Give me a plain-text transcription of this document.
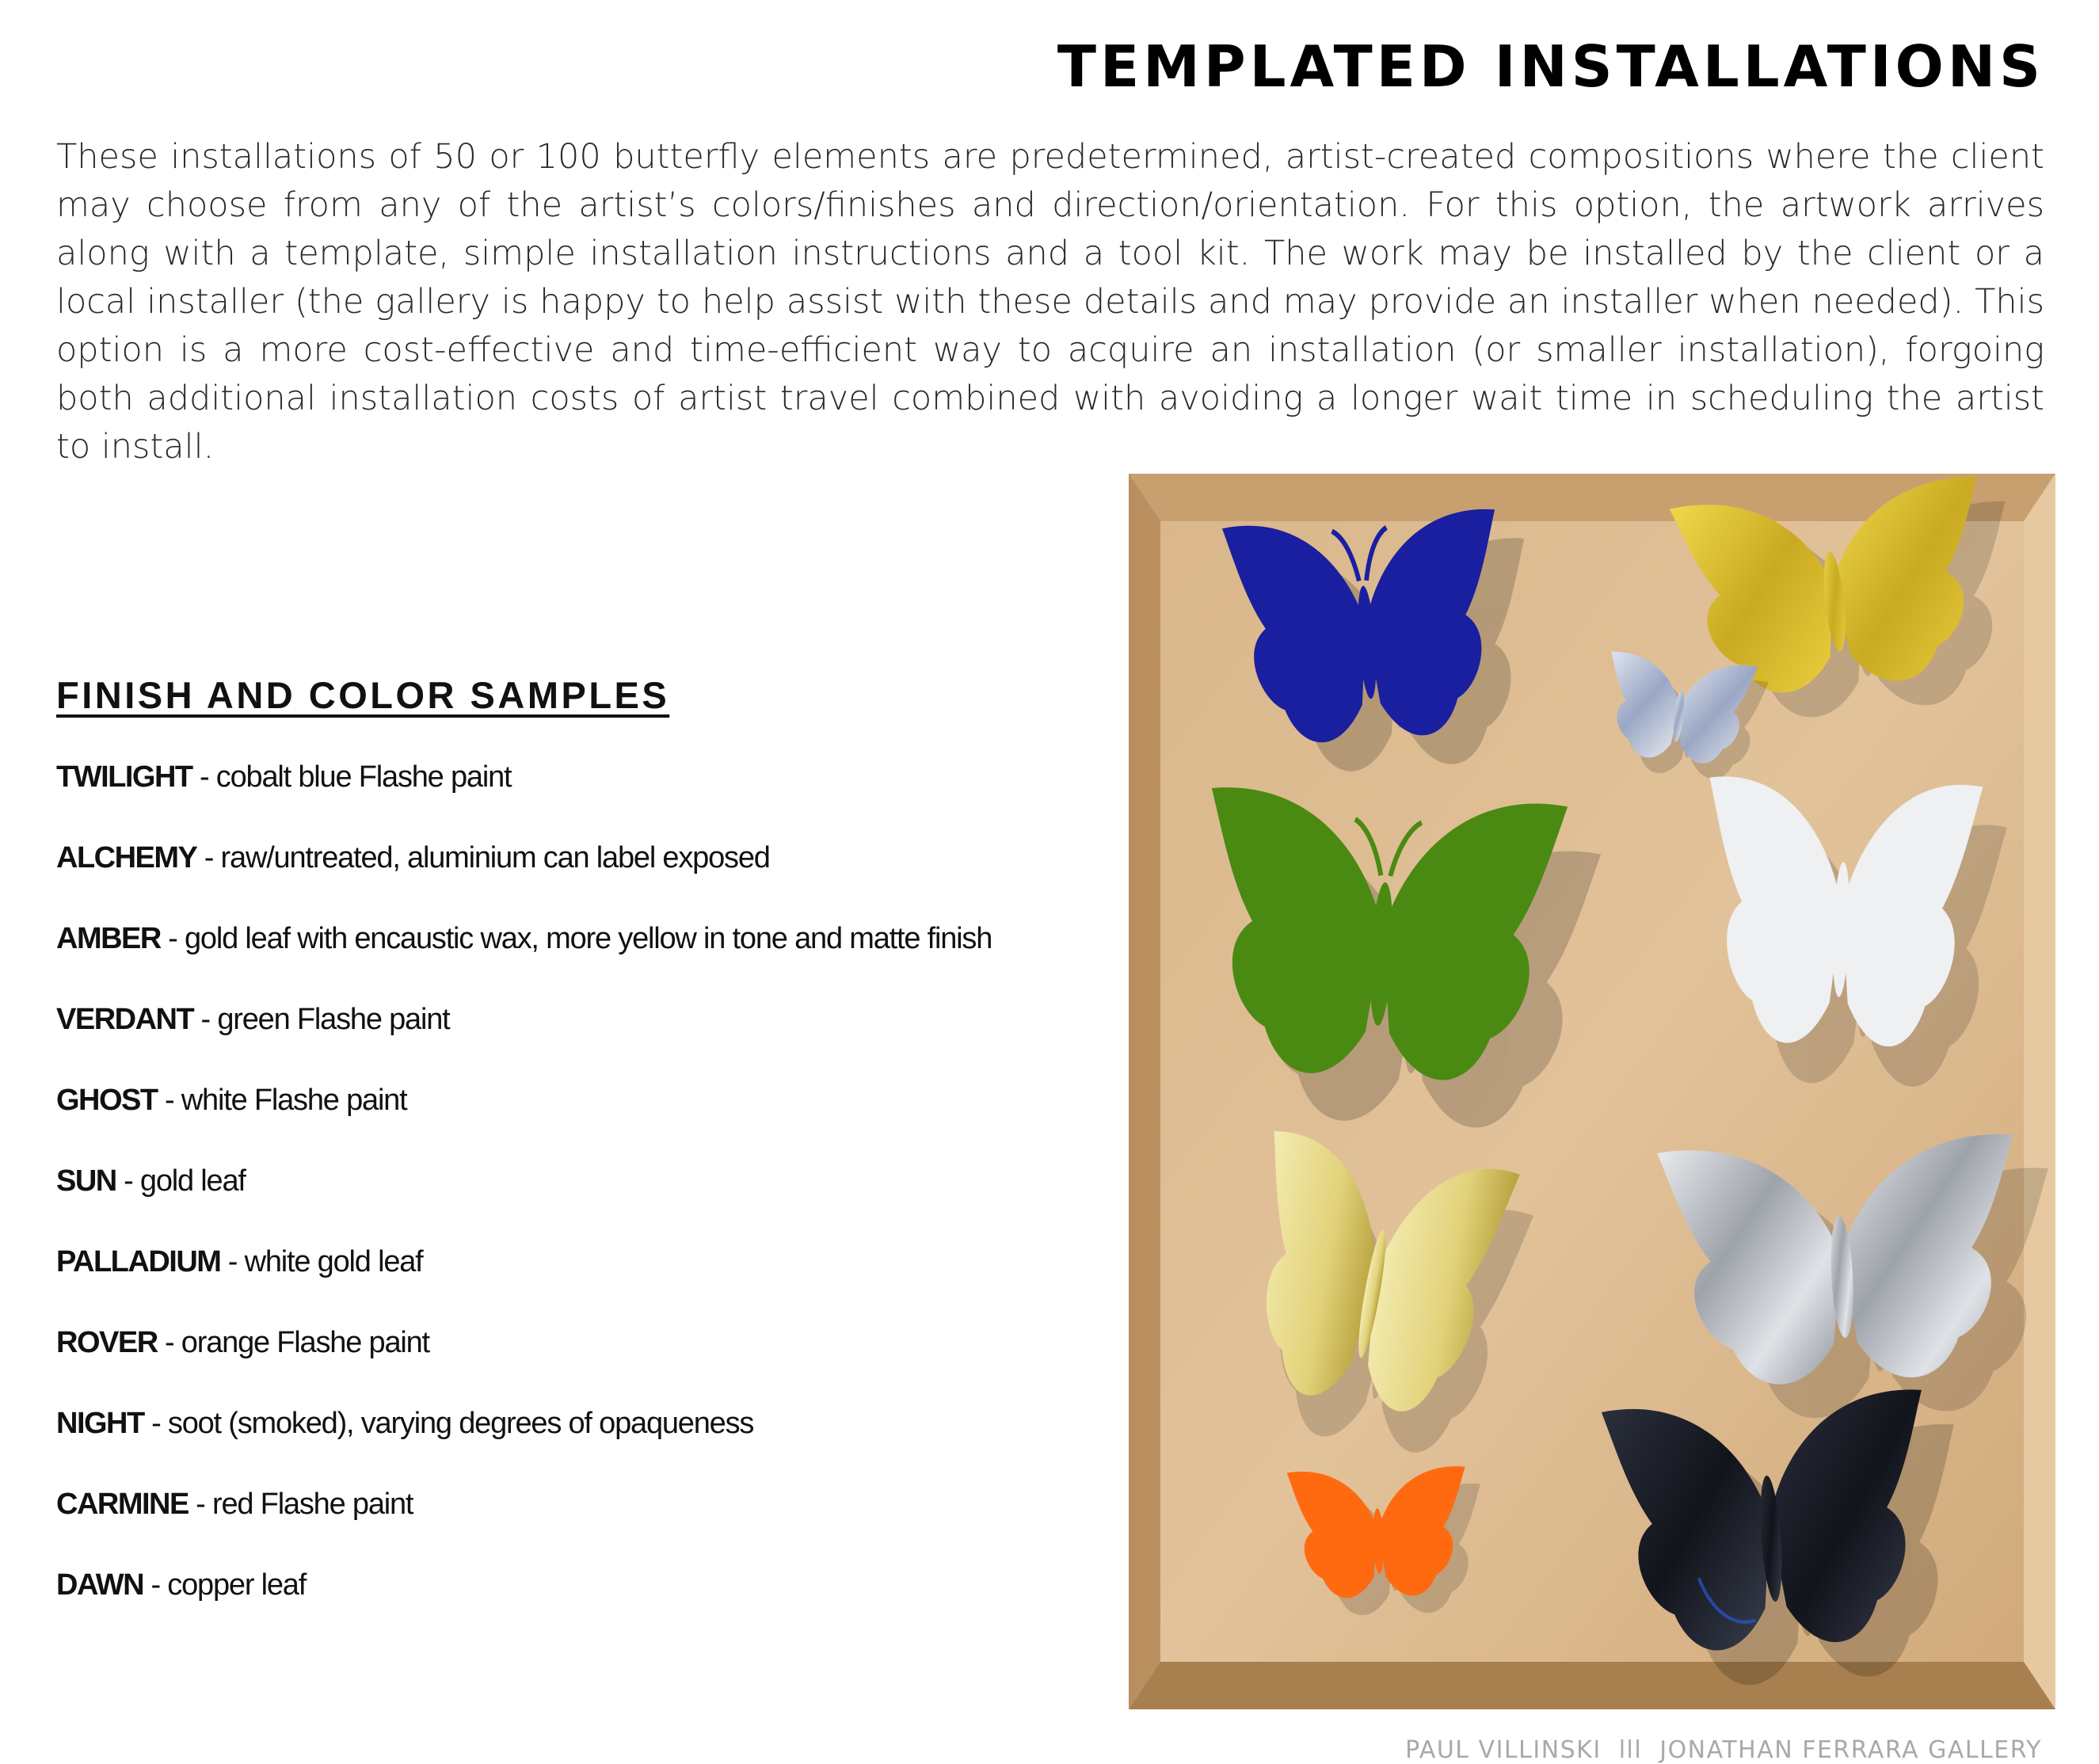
TEMPLATED INSTALLATIONS

These installations of 50 or 100 butterfly elements are predetermined, artist-created compositions where the client may choose from any of the artist’s colors/finishes and direction/orientation. For this option, the artwork arrives along with a template, simple installation instructions and a tool kit. The work may be installed by the client or a local installer (the gallery is happy to help assist with these details and may provide an installer when needed). This option is a more cost-effective and time-efficient way to acquire an installation (or smaller installation), forgoing both additional installation costs of artist travel combined with avoiding a longer wait time in scheduling the artist to install.

FINISH AND COLOR SAMPLES
TWILIGHT - cobalt blue Flashe paint
ALCHEMY - raw/untreated, aluminium can label exposed
AMBER - gold leaf with encaustic wax, more yellow in tone and matte finish
VERDANT - green Flashe paint
GHOST - white Flashe paint
SUN - gold leaf
PALLADIUM - white gold leaf
ROVER - orange Flashe paint
NIGHT - soot (smoked), varying degrees of opaqueness
CARMINE - red Flashe paint
DAWN - copper leaf
PAUL VILLINSKI lll JONATHAN FERRARA GALLERY
